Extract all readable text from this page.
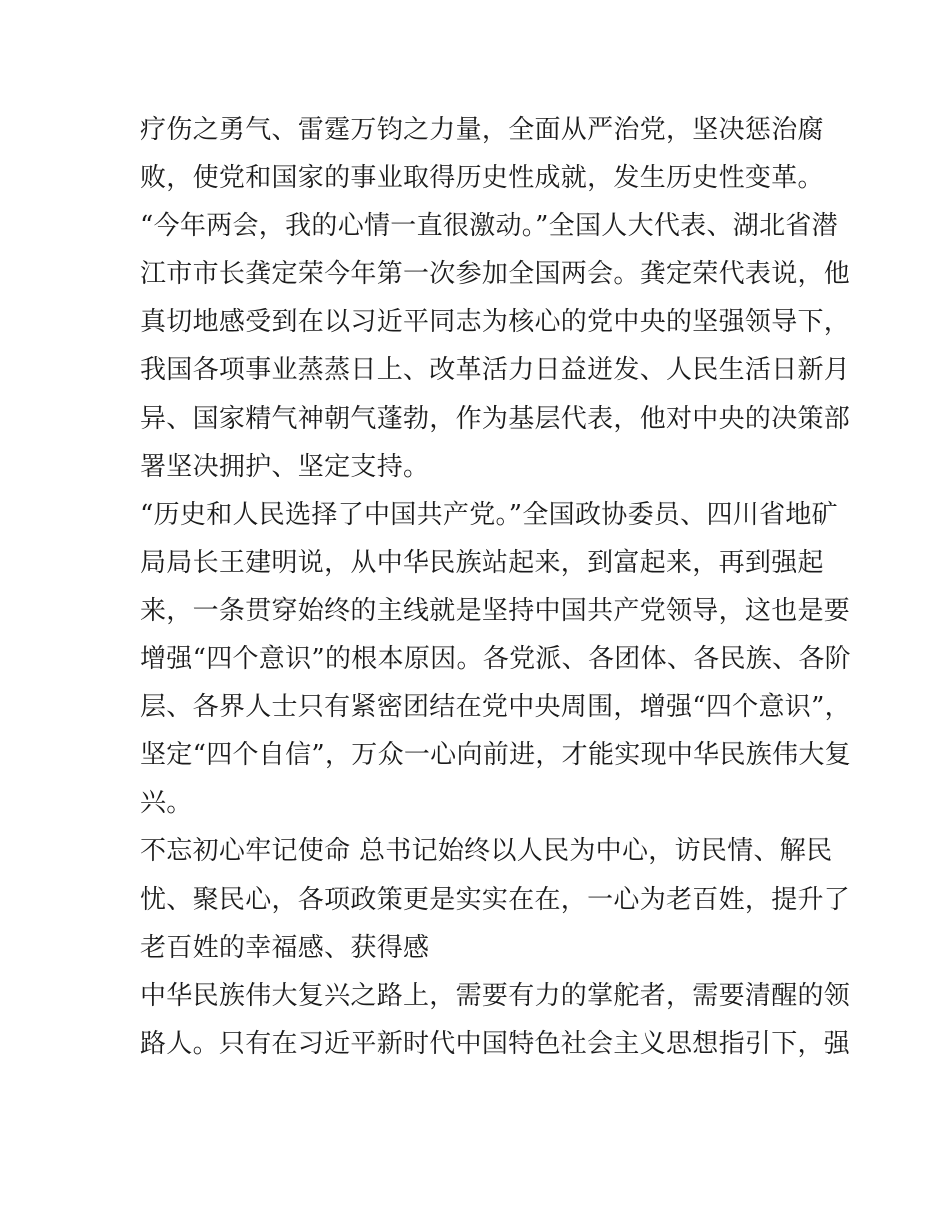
疗伤之勇气、雷霆万钧之力量，全面从严治党，坚决惩治腐
败，使党和国家的事业取得历史性成就，发生历史性变革。
“今年两会，我的心情一直很激动。”全国人大代表、湖北省潜
江市市长龚定荣今年第一次参加全国两会。龚定荣代表说，他
真切地感受到在以习近平同志为核心的党中央的坚强领导下，
我国各项事业蒸蒸日上、改革活力日益迸发、人民生活日新月
异、国家精气神朝气蓬勃，作为基层代表，他对中央的决策部
署坚决拥护、坚定支持。
“历史和人民选择了中国共产党。”全国政协委员、四川省地矿
局局长王建明说，从中华民族站起来，到富起来，再到强起
来，一条贯穿始终的主线就是坚持中国共产党领导，这也是要
增强“四个意识”的根本原因。各党派、各团体、各民族、各阶
层、各界人士只有紧密团结在党中央周围，增强“四个意识”，
坚定“四个自信”，万众一心向前进，才能实现中华民族伟大复
兴。
不忘初心牢记使命 总书记始终以人民为中心，访民情、解民
忧、聚民心，各项政策更是实实在在，一心为老百姓，提升了
老百姓的幸福感、获得感
中华民族伟大复兴之路上，需要有力的掌舵者，需要清醒的领
路人。只有在习近平新时代中国特色社会主义思想指引下，强
